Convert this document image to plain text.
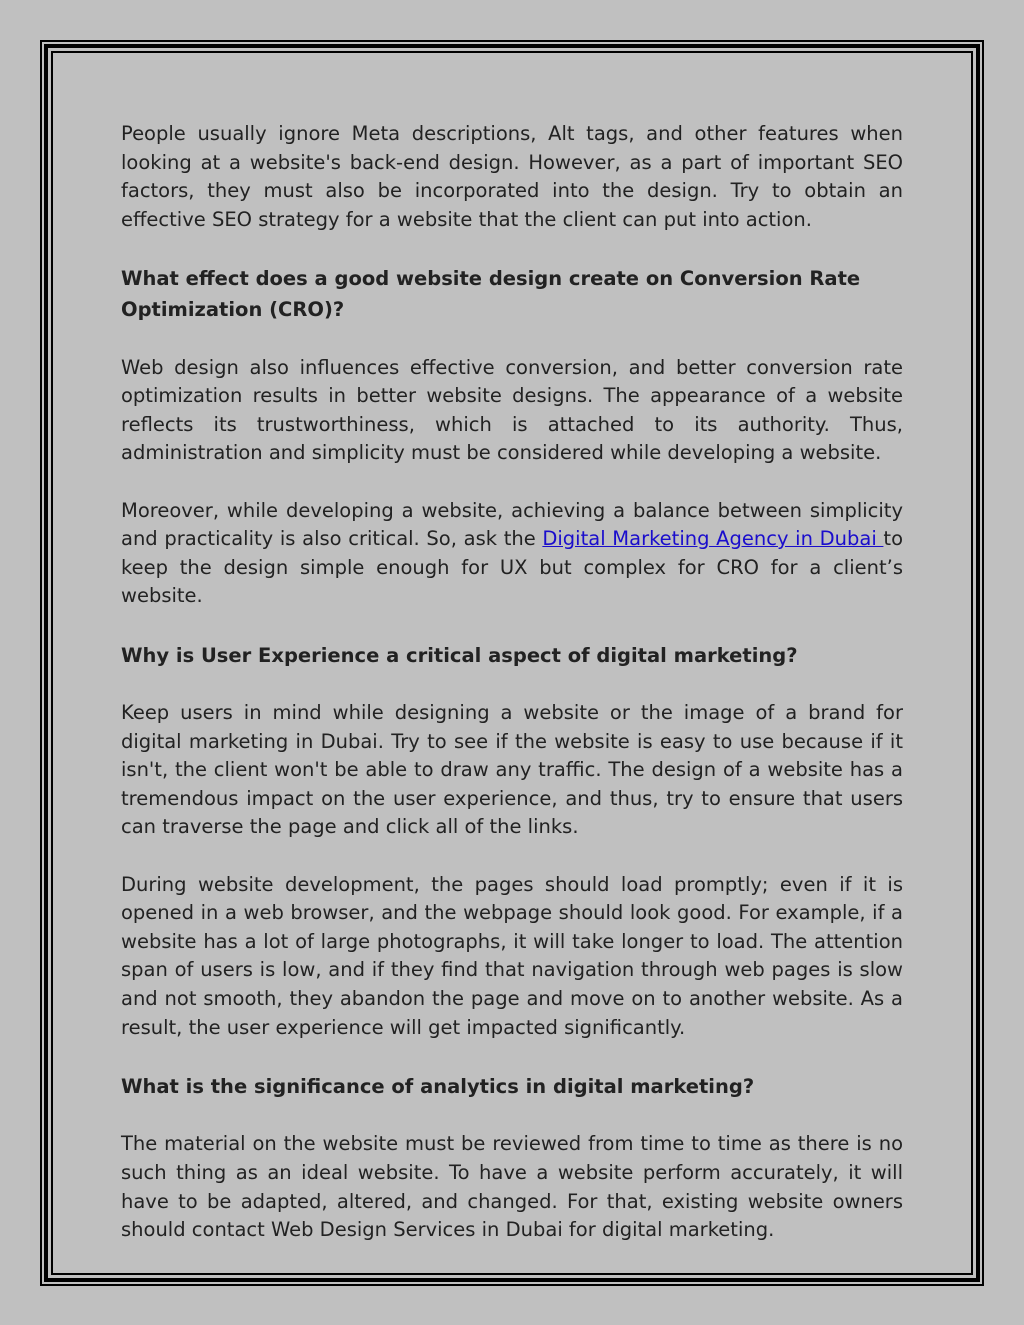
People usually ignore Meta descriptions, Alt tags, and other features when looking at a website's back-end design. However, as a part of important SEO factors, they must also be incorporated into the design. Try to obtain an effective SEO strategy for a website that the client can put into action.

What effect does a good website design create on Conversion Rate Optimization (CRO)?

Web design also influences effective conversion, and better conversion rate optimization results in better website designs. The appearance of a website reflects its trustworthiness, which is attached to its authority. Thus, administration and simplicity must be considered while developing a website.

Moreover, while developing a website, achieving a balance between simplicity and practicality is also critical. So, ask the Digital Marketing Agency in Dubai to keep the design simple enough for UX but complex for CRO for a client’s website.

Why is User Experience a critical aspect of digital marketing?

Keep users in mind while designing a website or the image of a brand for digital marketing in Dubai. Try to see if the website is easy to use because if it isn't, the client won't be able to draw any traffic. The design of a website has a tremendous impact on the user experience, and thus, try to ensure that users can traverse the page and click all of the links.

During website development, the pages should load promptly; even if it is opened in a web browser, and the webpage should look good. For example, if a website has a lot of large photographs, it will take longer to load. The attention span of users is low, and if they find that navigation through web pages is slow and not smooth, they abandon the page and move on to another website. As a result, the user experience will get impacted significantly.

What is the significance of analytics in digital marketing?

The material on the website must be reviewed from time to time as there is no such thing as an ideal website. To have a website perform accurately, it will have to be adapted, altered, and changed. For that, existing website owners should contact Web Design Services in Dubai for digital marketing.
